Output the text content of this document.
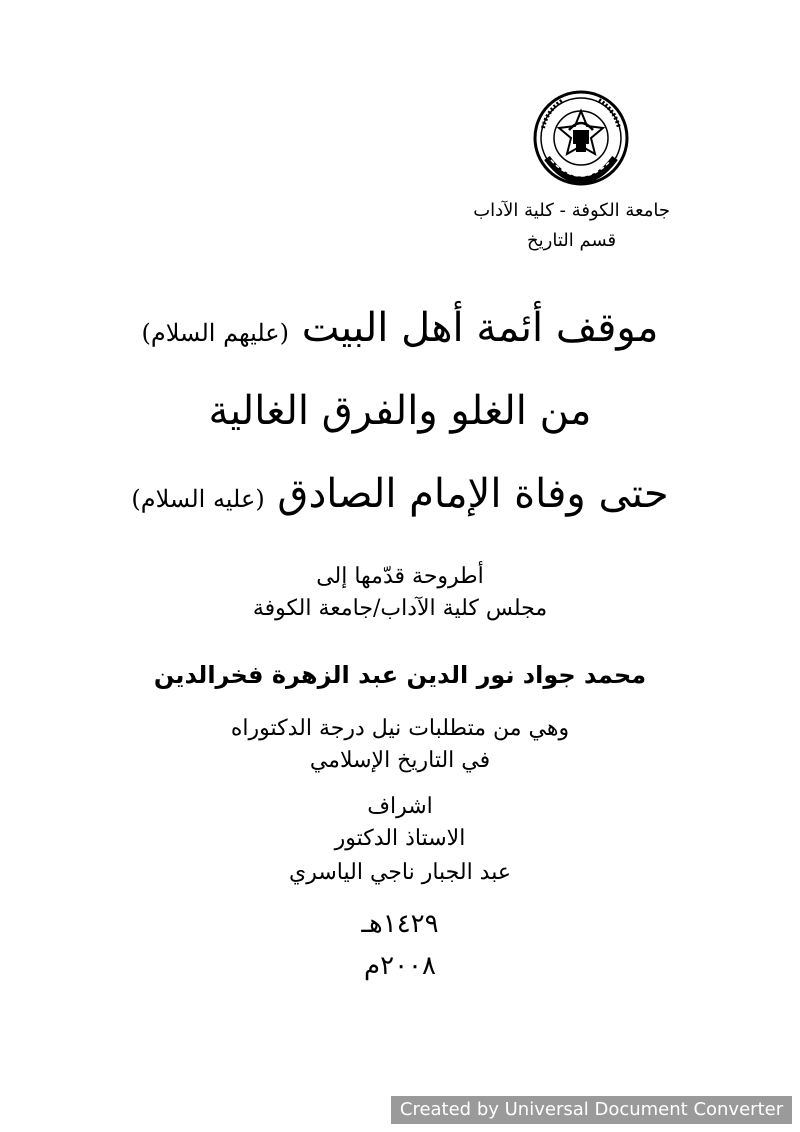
جامعة الكوفة - كلية الآداب
قسم التاريخ
موقف أئمة أهل البيت (عليهم السلام)
من الغلو والفرق الغالية
حتى وفاة الإمام الصادق (عليه السلام)
أطروحة قدّمها إلى
مجلس كلية الآداب/جامعة الكوفة
محمد جواد نور الدين عبد الزهرة فخرالدين
وهي من متطلبات نيل درجة الدكتوراه
في التاريخ الإسلامي
اشراف
الاستاذ الدكتور
عبد الجبار ناجي الياسري
١٤٢٩هـ
٢٠٠٨م
Created by Universal Document Converter
